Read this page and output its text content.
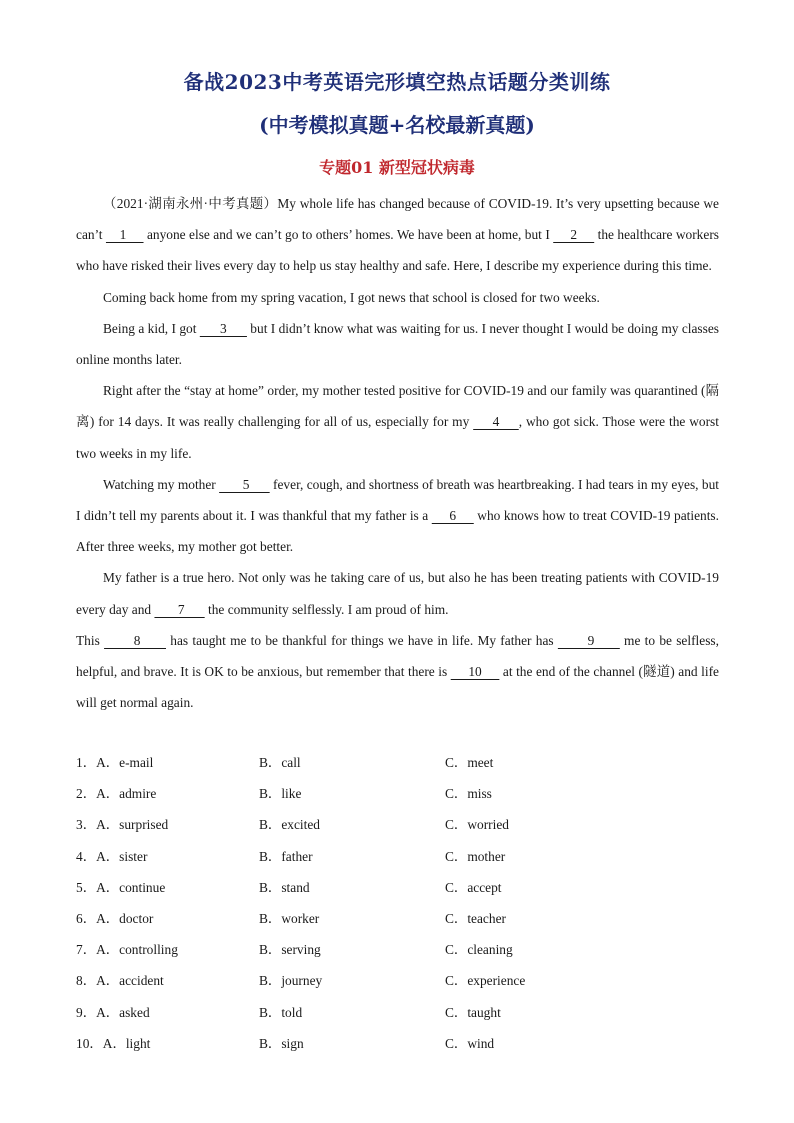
备战2023中考英语完形填空热点话题分类训练
(中考模拟真题+名校最新真题)
专题01 新型冠状病毒

（2021·湖南永州·中考真题）My whole life has changed because of COVID-19. It’s very upsetting because we can’t     1      anyone else and we can’t go to others’ homes. We have been at home, but I      2      the healthcare workers who have risked their lives every day to help us stay healthy and safe. Here, I describe my experience during this time.

Coming back home from my spring vacation, I got news that school is closed for two weeks.

Being a kid, I got       3       but I didn’t know what was waiting for us. I never thought I would be doing my classes online months later.

Right after the “stay at home” order, my mother tested positive for COVID-19 and our family was quarantined (隔离) for 14 days. It was really challenging for all of us, especially for my      4     , who got sick. Those were the worst two weeks in my life.

Watching my mother        5       fever, cough, and shortness of breath was heartbreaking. I had tears in my eyes, but I didn’t tell my parents about it. I was thankful that my father is a      6      who knows how to treat COVID-19 patients. After three weeks, my mother got better.

My father is a true hero. Not only was he taking care of us, but also he has been treating patients with COVID-19 every day and        7       the community selflessly. I am proud of him.

This        8       has taught me to be thankful for things we have in life. My father has        9       me to be selfless, helpful, and brave. It is OK to be anxious, but remember that there is      10      at the end of the channel (隧道) and life will get normal again.

1．A．e-mail	B．call	C．meet
2．A．admire	B．like	C．miss
3．A．surprised	B．excited	C．worried
4．A．sister	B．father	C．mother
5．A．continue	B．stand	C．accept
6．A．doctor	B．worker	C．teacher
7．A．controlling	B．serving	C．cleaning
8．A．accident	B．journey	C．experience
9．A．asked	B．told	C．taught
10．A．light	B．sign	C．wind
